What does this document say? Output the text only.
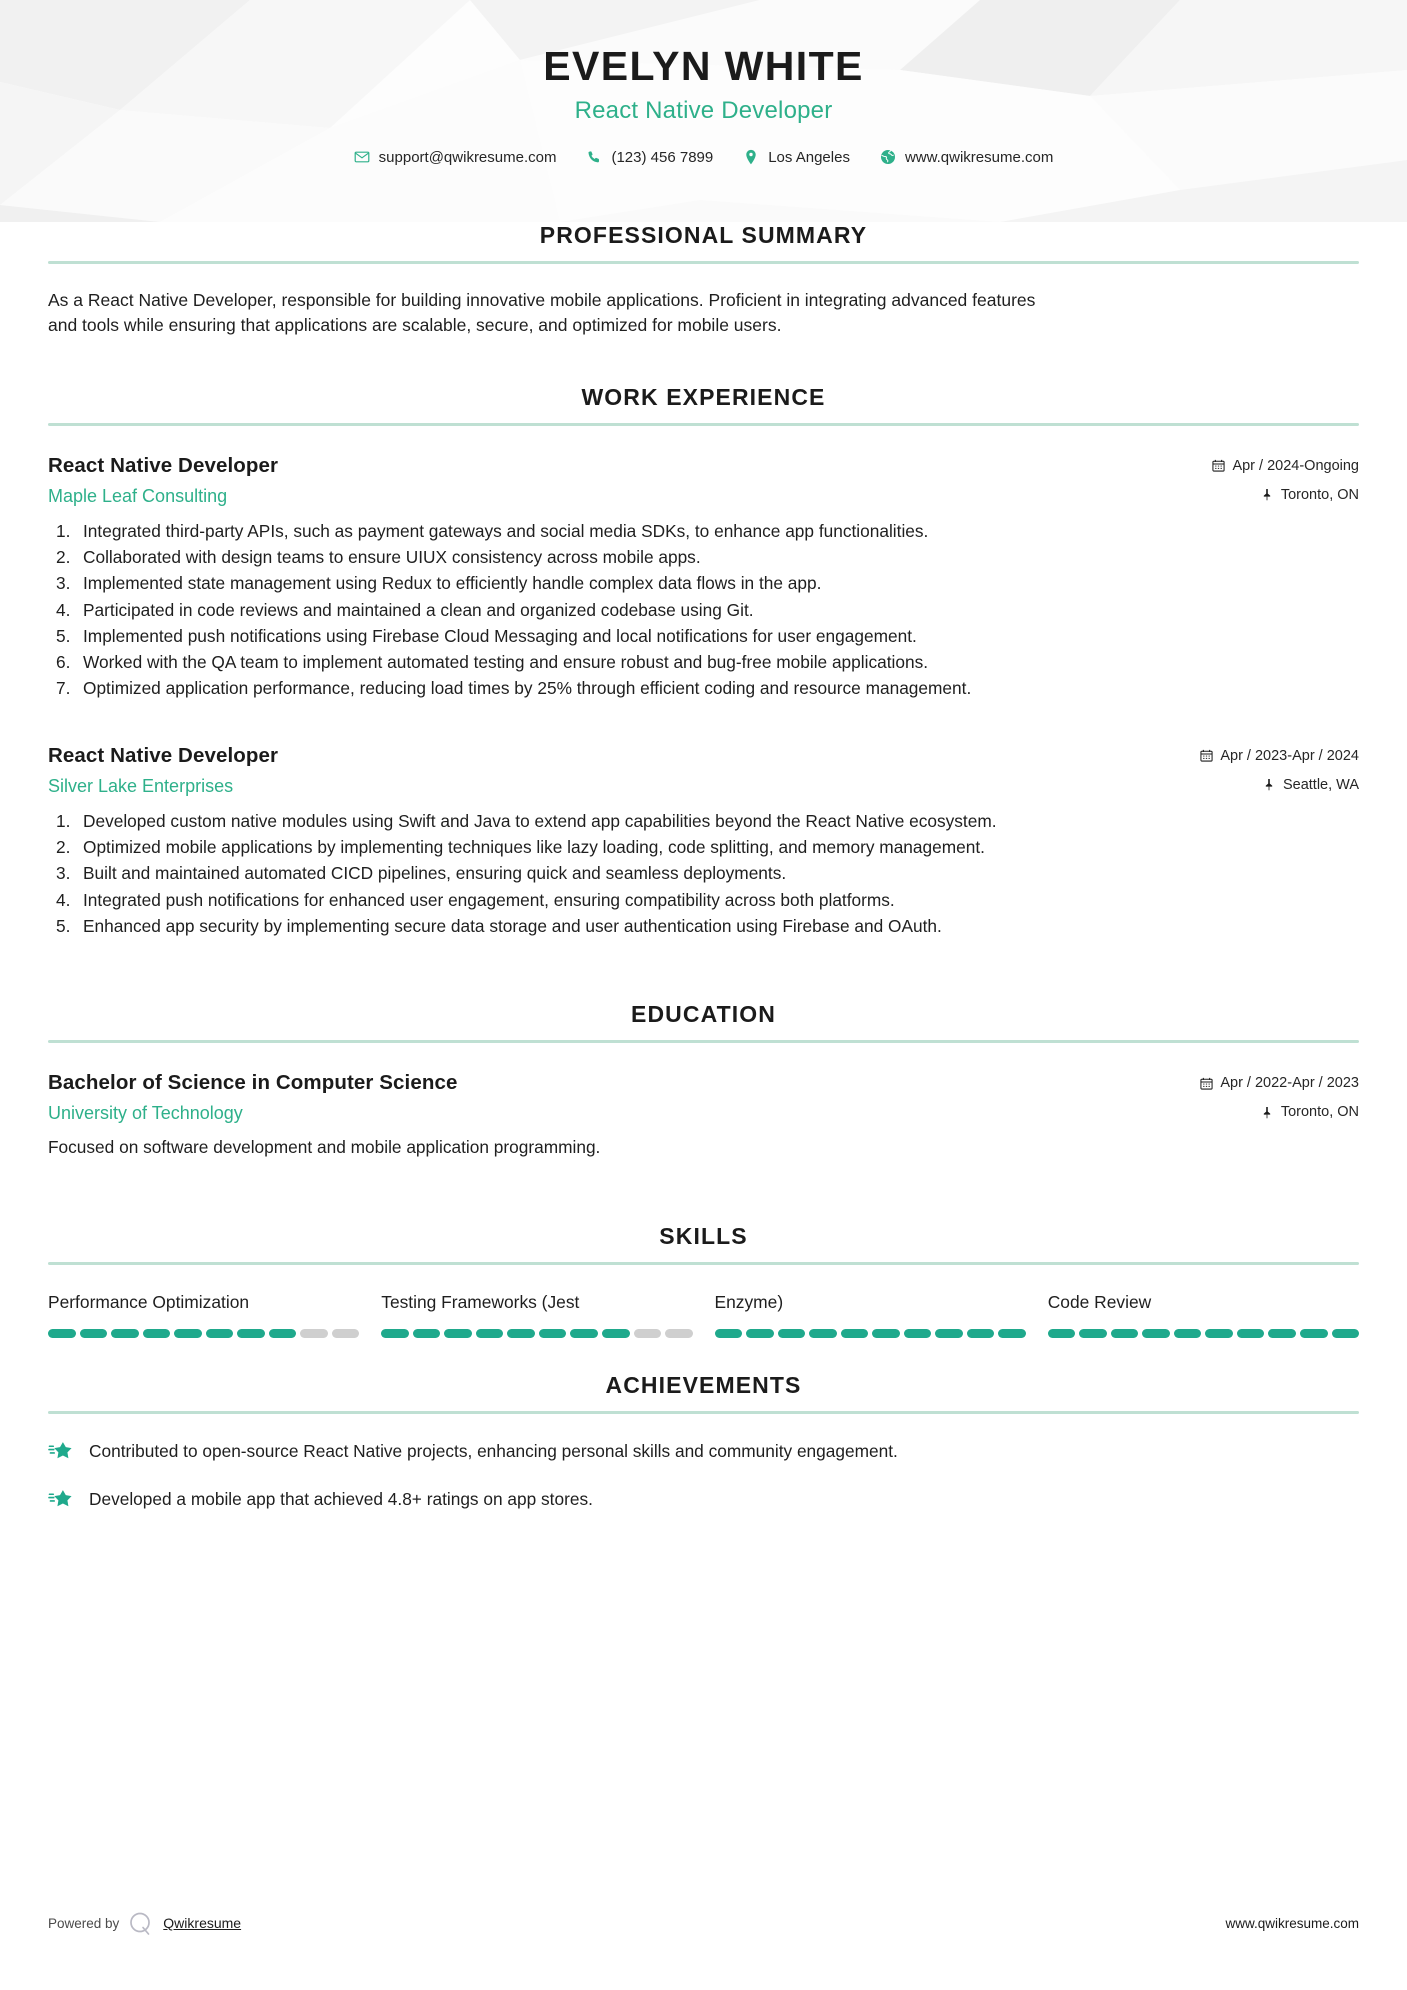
EVELYN WHITE
React Native Developer
support@qwikresume.com	(123) 456 7899	Los Angeles	www.qwikresume.com
PROFESSIONAL SUMMARY

As a React Native Developer, responsible for building innovative mobile applications. Proficient in integrating advanced features and tools while ensuring that applications are scalable, secure, and optimized for mobile users.

WORK EXPERIENCE
React Native Developer
Maple Leaf Consulting
Apr / 2024-Ongoing
Toronto, ON
Integrated third-party APIs, such as payment gateways and social media SDKs, to enhance app functionalities.
Collaborated with design teams to ensure UIUX consistency across mobile apps.
Implemented state management using Redux to efficiently handle complex data flows in the app.
Participated in code reviews and maintained a clean and organized codebase using Git.
Implemented push notifications using Firebase Cloud Messaging and local notifications for user engagement.
Worked with the QA team to implement automated testing and ensure robust and bug-free mobile applications.
Optimized application performance, reducing load times by 25% through efficient coding and resource management.
React Native Developer
Silver Lake Enterprises
Apr / 2023-Apr / 2024
Seattle, WA
Developed custom native modules using Swift and Java to extend app capabilities beyond the React Native ecosystem.
Optimized mobile applications by implementing techniques like lazy loading, code splitting, and memory management.
Built and maintained automated CICD pipelines, ensuring quick and seamless deployments.
Integrated push notifications for enhanced user engagement, ensuring compatibility across both platforms.
Enhanced app security by implementing secure data storage and user authentication using Firebase and OAuth.
EDUCATION
Bachelor of Science in Computer Science
University of Technology
Apr / 2022-Apr / 2023
Toronto, ON

Focused on software development and mobile application programming.

SKILLS
Performance Optimization	Testing Frameworks (Jest	Enzyme)	Code Review
ACHIEVEMENTS
Contributed to open-source React Native projects, enhancing personal skills and community engagement.
Developed a mobile app that achieved 4.8+ ratings on app stores.
Powered by	Qwikresume	www.qwikresume.com
